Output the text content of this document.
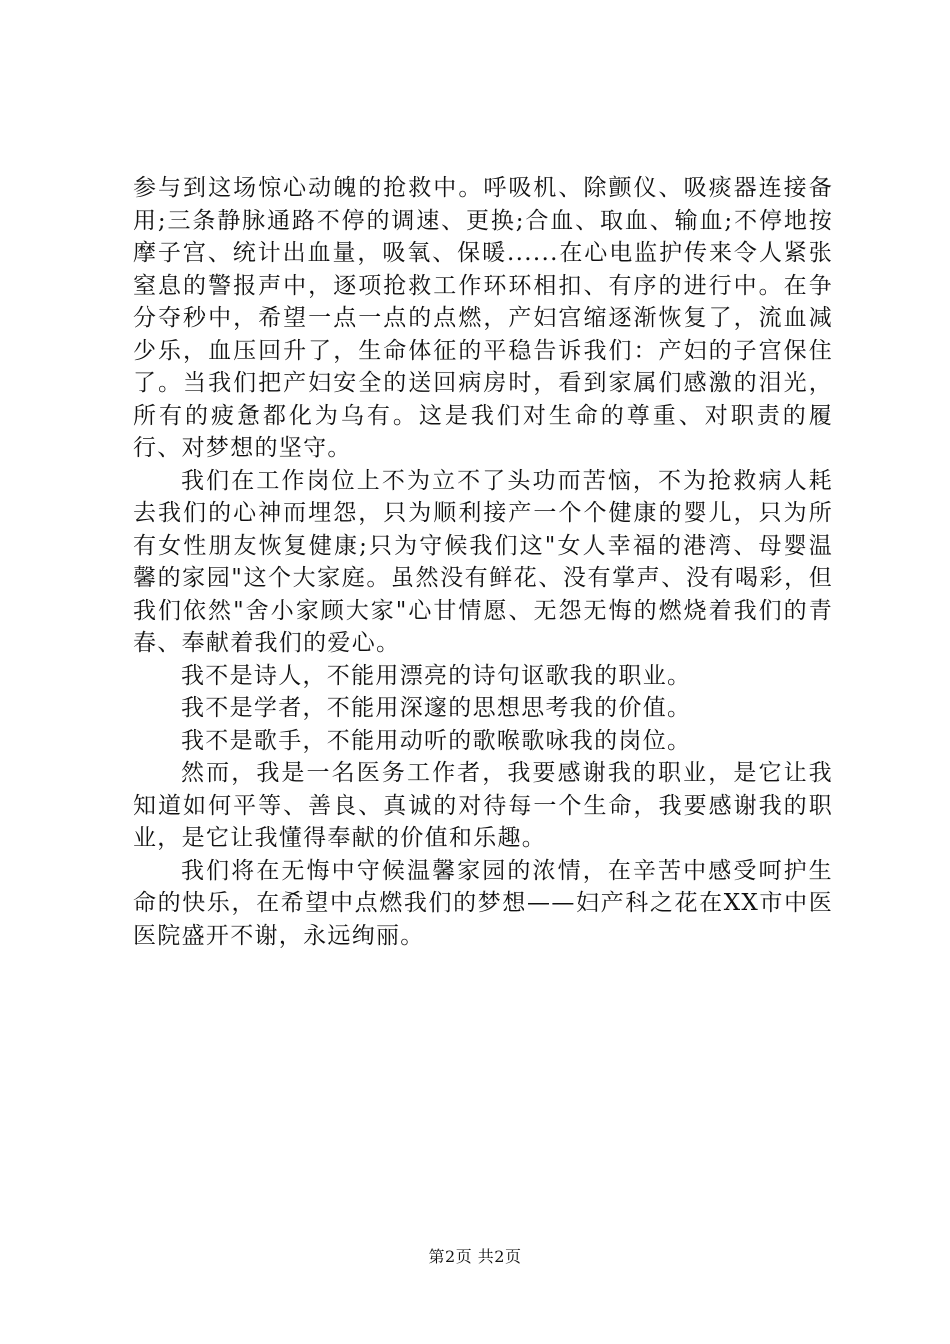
参与到这场惊心动魄的抢救中。呼吸机、除颤仪、吸痰器连接备用;三条静脉通路不停的调速、更换;合血、取血、输血;不停地按摩子宫、统计出血量，吸氧、保暖......在心电监护传来令人紧张窒息的警报声中，逐项抢救工作环环相扣、有序的进行中。在争分夺秒中，希望一点一点的点燃，产妇宫缩逐渐恢复了，流血减少乐，血压回升了，生命体征的平稳告诉我们：产妇的子宫保住了。当我们把产妇安全的送回病房时，看到家属们感激的泪光，所有的疲惫都化为乌有。这是我们对生命的尊重、对职责的履行、对梦想的坚守。

我们在工作岗位上不为立不了头功而苦恼，不为抢救病人耗去我们的心神而埋怨，只为顺利接产一个个健康的婴儿，只为所有女性朋友恢复健康;只为守候我们这"女人幸福的港湾、母婴温馨的家园"这个大家庭。虽然没有鲜花、没有掌声、没有喝彩，但我们依然"舍小家顾大家"心甘情愿、无怨无悔的燃烧着我们的青春、奉献着我们的爱心。

我不是诗人，不能用漂亮的诗句讴歌我的职业。

我不是学者，不能用深邃的思想思考我的价值。

我不是歌手，不能用动听的歌喉歌咏我的岗位。

然而，我是一名医务工作者，我要感谢我的职业，是它让我知道如何平等、善良、真诚的对待每一个生命，我要感谢我的职业，是它让我懂得奉献的价值和乐趣。

我们将在无悔中守候温馨家园的浓情，在辛苦中感受呵护生命的快乐，在希望中点燃我们的梦想——妇产科之花在XX市中医医院盛开不谢，永远绚丽。

第2页 共2页
